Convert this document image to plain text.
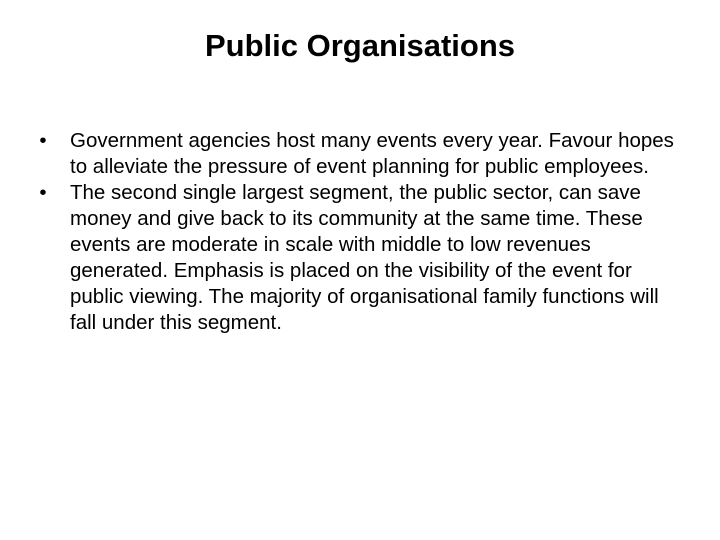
Public Organisations
• Government agencies host many events every year. Favour hopes to alleviate the pressure of event planning for public employees.
• The second single largest segment, the public sector, can save money and give back to its community at the same time. These events are moderate in scale with middle to low revenues generated. Emphasis is placed on the visibility of the event for public viewing. The majority of organisational family functions will fall under this segment.
